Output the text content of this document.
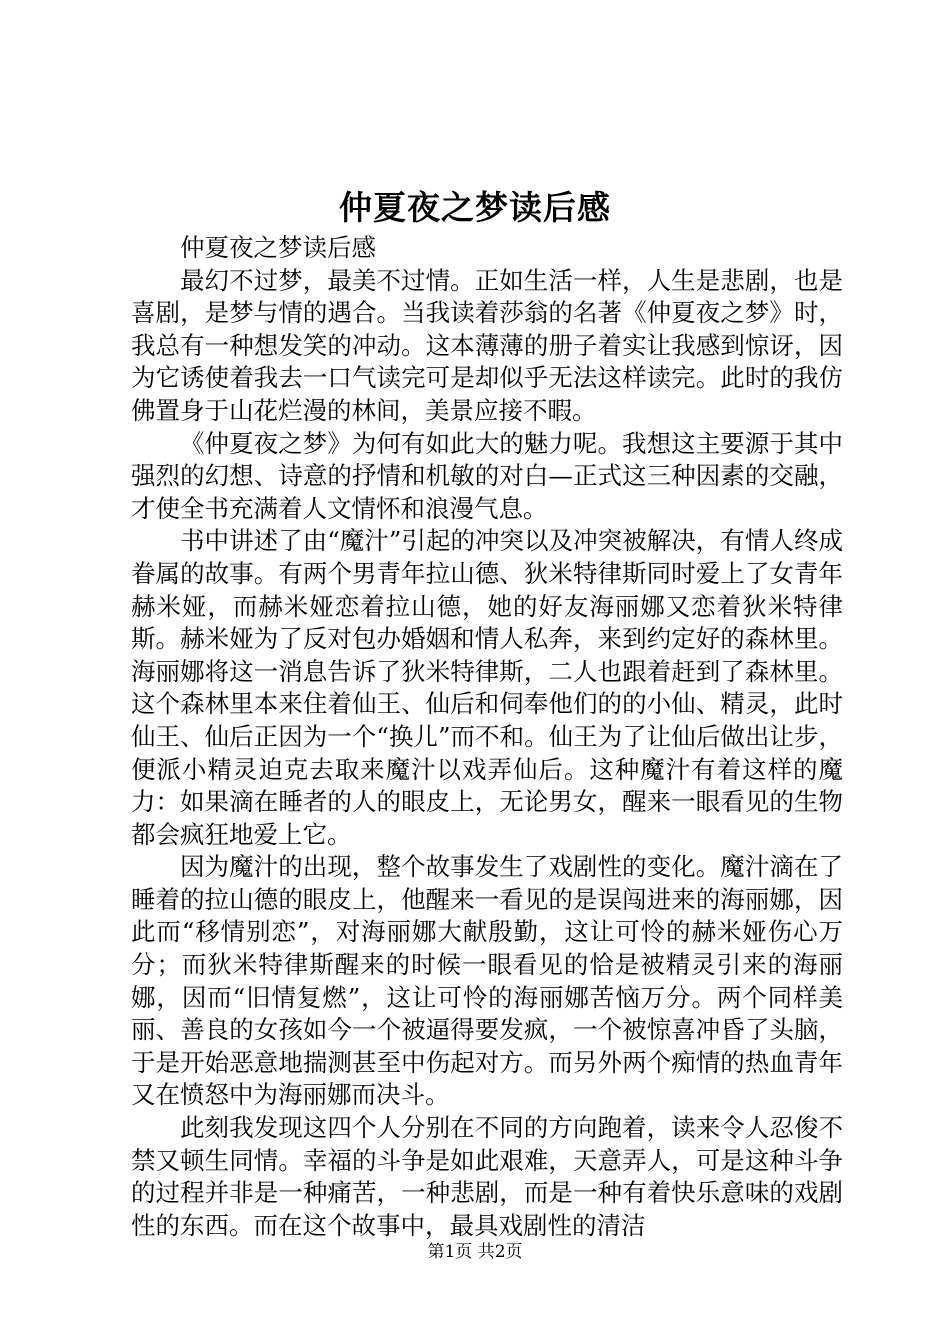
仲夏夜之梦读后感

仲夏夜之梦读后感

最幻不过梦，最美不过情。正如生活一样，人生是悲剧，也是喜剧，是梦与情的遇合。当我读着莎翁的名著《仲夏夜之梦》时，我总有一种想发笑的冲动。这本薄薄的册子着实让我感到惊讶，因为它诱使着我去一口气读完可是却似乎无法这样读完。此时的我仿佛置身于山花烂漫的林间，美景应接不暇。

《仲夏夜之梦》为何有如此大的魅力呢。我想这主要源于其中强烈的幻想、诗意的抒情和机敏的对白—正式这三种因素的交融，才使全书充满着人文情怀和浪漫气息。

书中讲述了由“魔汁”引起的冲突以及冲突被解决，有情人终成眷属的故事。有两个男青年拉山德、狄米特律斯同时爱上了女青年赫米娅，而赫米娅恋着拉山德，她的好友海丽娜又恋着狄米特律斯。赫米娅为了反对包办婚姻和情人私奔，来到约定好的森林里。海丽娜将这一消息告诉了狄米特律斯，二人也跟着赶到了森林里。这个森林里本来住着仙王、仙后和伺奉他们的的小仙、精灵，此时仙王、仙后正因为一个“换儿”而不和。仙王为了让仙后做出让步，便派小精灵迫克去取来魔汁以戏弄仙后。这种魔汁有着这样的魔力：如果滴在睡者的人的眼皮上，无论男女，醒来一眼看见的生物都会疯狂地爱上它。

因为魔汁的出现，整个故事发生了戏剧性的变化。魔汁滴在了睡着的拉山德的眼皮上，他醒来一看见的是误闯进来的海丽娜，因此而“移情别恋”，对海丽娜大献殷勤，这让可怜的赫米娅伤心万分；而狄米特律斯醒来的时候一眼看见的恰是被精灵引来的海丽娜，因而“旧情复燃”，这让可怜的海丽娜苦恼万分。两个同样美丽、善良的女孩如今一个被逼得要发疯，一个被惊喜冲昏了头脑，于是开始恶意地揣测甚至中伤起对方。而另外两个痴情的热血青年又在愤怒中为海丽娜而决斗。

此刻我发现这四个人分别在不同的方向跑着，读来令人忍俊不禁又顿生同情。幸福的斗争是如此艰难，天意弄人，可是这种斗争的过程并非是一种痛苦，一种悲剧，而是一种有着快乐意味的戏剧性的东西。而在这个故事中，最具戏剧性的清洁

第1页 共2页
